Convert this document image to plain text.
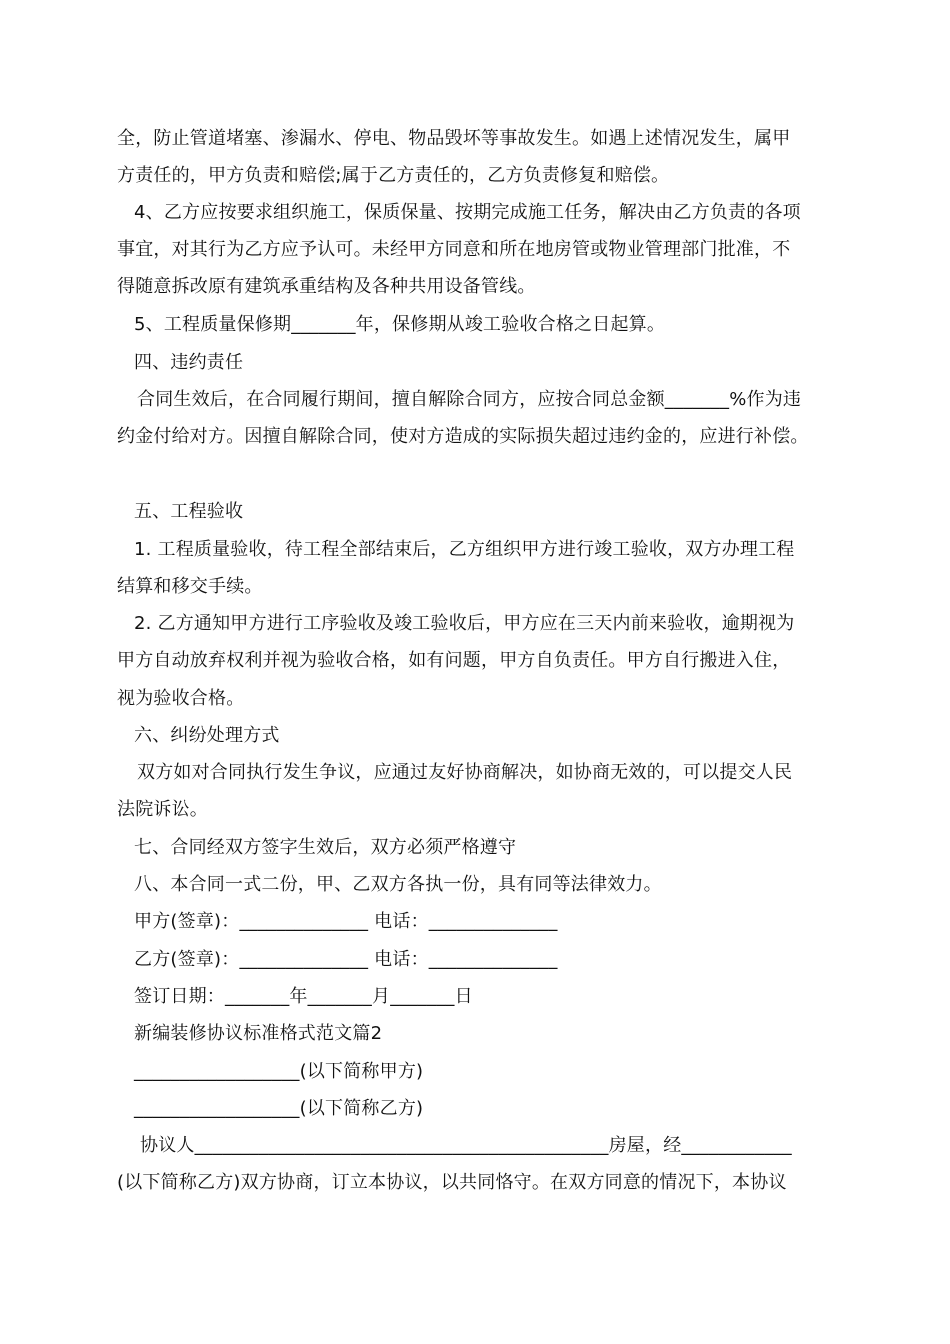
全，防止管道堵塞、渗漏水、停电、物品毁坏等事故发生。如遇上述情况发生，属甲
方责任的，甲方负责和赔偿;属于乙方责任的，乙方负责修复和赔偿。
4、乙方应按要求组织施工，保质保量、按期完成施工任务，解决由乙方负责的各项
事宜，对其行为乙方应予认可。未经甲方同意和所在地房管或物业管理部门批准，不
得随意拆改原有建筑承重结构及各种共用设备管线。
5、工程质量保修期_______年，保修期从竣工验收合格之日起算。
四、违约责任
合同生效后，在合同履行期间，擅自解除合同方，应按合同总金额_______%作为违
约金付给对方。因擅自解除合同，使对方造成的实际损失超过违约金的，应进行补偿。
五、工程验收
1. 工程质量验收，待工程全部结束后，乙方组织甲方进行竣工验收，双方办理工程
结算和移交手续。
2. 乙方通知甲方进行工序验收及竣工验收后，甲方应在三天内前来验收，逾期视为
甲方自动放弃权利并视为验收合格，如有问题，甲方自负责任。甲方自行搬进入住，
视为验收合格。
六、纠纷处理方式
双方如对合同执行发生争议，应通过友好协商解决，如协商无效的，可以提交人民
法院诉讼。
七、合同经双方签字生效后，双方必须严格遵守
八、本合同一式二份，甲、乙双方各执一份，具有同等法律效力。
甲方(签章)：______________ 电话：______________
乙方(签章)：______________ 电话：______________
签订日期：_______年_______月_______日
新编装修协议标准格式范文篇2
__________________(以下简称甲方)
__________________(以下简称乙方)
协议人_____________________________________________房屋，经____________
(以下简称乙方)双方协商，订立本协议，以共同恪守。在双方同意的情况下，本协议
